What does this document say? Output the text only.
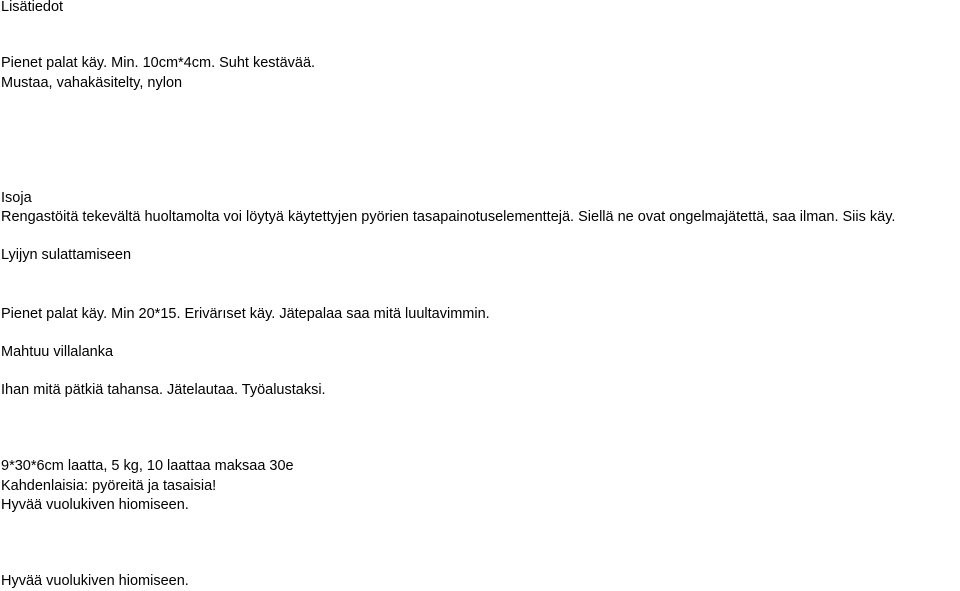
Lisätiedot
Pienet palat käy. Min. 10cm*4cm. Suht kestävää.
Mustaa, vahakäsitelty, nylon
Isoja
Rengastöitä tekevältä huoltamolta voi löytyä käytettyjen pyörien tasapainotuselementtejä. Siellä ne ovat ongelmajätettä, saa ilman. Siis käy.
Lyijyn sulattamiseen
Pienet palat käy. Min 20*15. Erivärıset käy. Jätepalaa saa mitä luultavimmin.
Mahtuu villalanka
Ihan mitä pätkiä tahansa. Jätelautaa. Työalustaksi.
9*30*6cm laatta, 5 kg, 10 laattaa maksaa 30e
Kahdenlaisia: pyöreitä ja tasaisia!
Hyvää vuolukiven hiomiseen.
Hyvää vuolukiven hiomiseen.
